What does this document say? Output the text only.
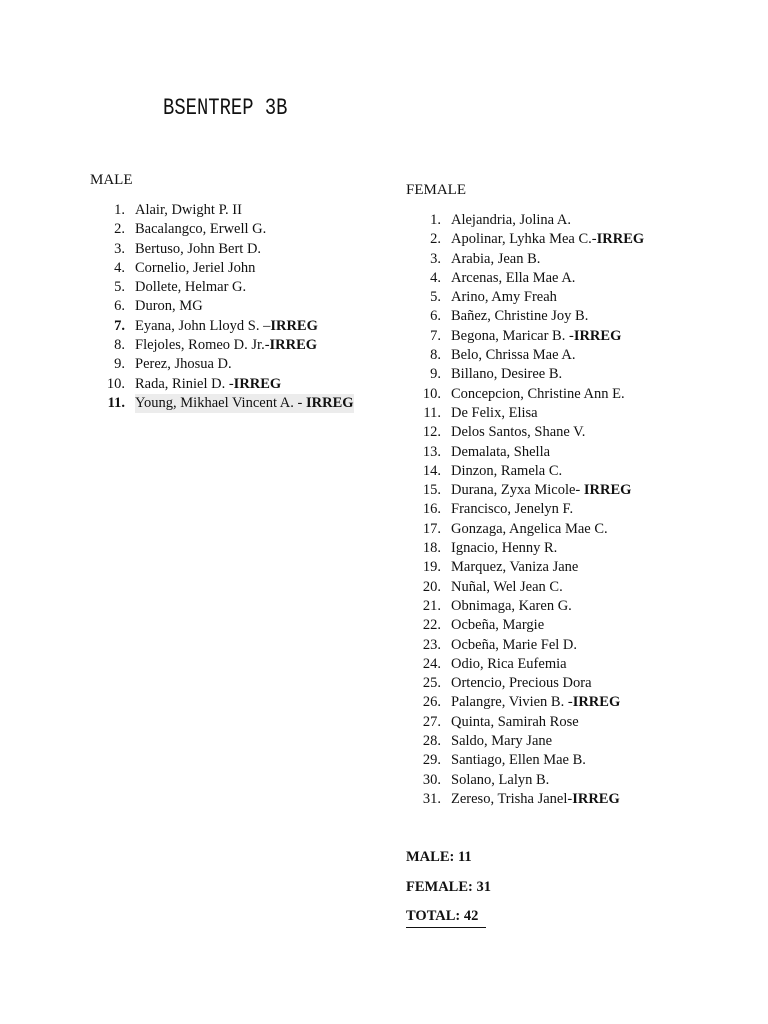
BSENTREP 3B
MALE
1. Alair, Dwight P. II
2. Bacalangco, Erwell G.
3. Bertuso, John Bert D.
4. Cornelio, Jeriel John
5. Dollete, Helmar G.
6. Duron, MG
7. Eyana, John Lloyd S. –IRREG
8. Flejoles, Romeo D. Jr.-IRREG
9. Perez, Jhosua D.
10. Rada, Riniel D. -IRREG
11. Young, Mikhael Vincent A. - IRREG
FEMALE
1. Alejandria, Jolina A.
2. Apolinar, Lyhka Mea C.-IRREG
3. Arabia, Jean B.
4. Arcenas, Ella Mae A.
5. Arino, Amy Freah
6. Bañez, Christine Joy B.
7. Begona, Maricar B. -IRREG
8. Belo, Chrissa Mae A.
9. Billano, Desiree B.
10. Concepcion, Christine Ann E.
11. De Felix, Elisa
12. Delos Santos, Shane V.
13. Demalata, Shella
14. Dinzon, Ramela C.
15. Durana, Zyxa Micole- IRREG
16. Francisco, Jenelyn F.
17. Gonzaga, Angelica Mae C.
18. Ignacio, Henny R.
19. Marquez, Vaniza Jane
20. Nuñal, Wel Jean C.
21. Obnimaga, Karen G.
22. Ocbeña, Margie
23. Ocbeña, Marie Fel D.
24. Odio, Rica Eufemia
25. Ortencio, Precious Dora
26. Palangre, Vivien B. -IRREG
27. Quinta, Samirah Rose
28. Saldo, Mary Jane
29. Santiago, Ellen Mae B.
30. Solano, Lalyn B.
31. Zereso, Trisha Janel-IRREG
MALE: 11
FEMALE: 31
TOTAL: 42
